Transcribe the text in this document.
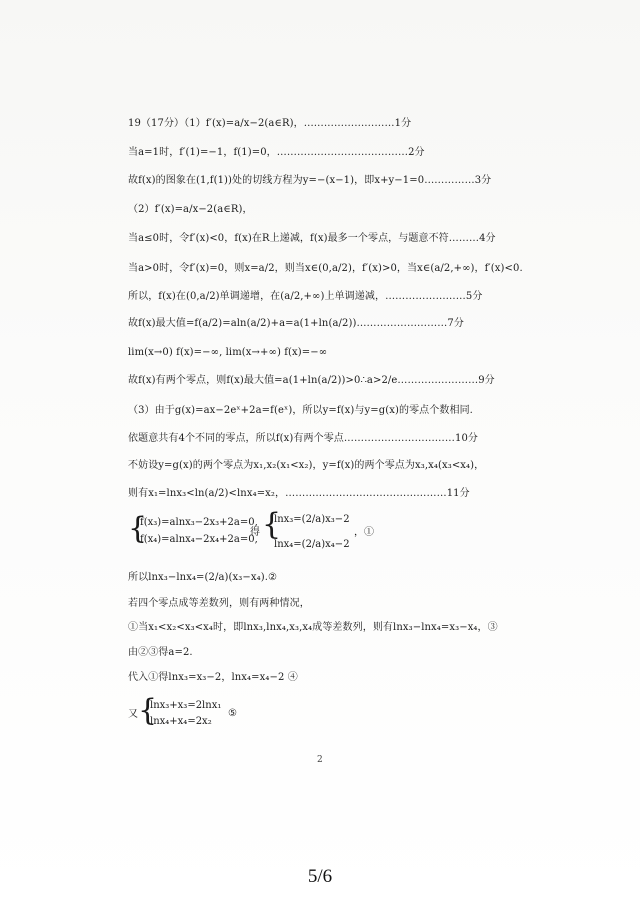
19（17分）（1）f′(x)=a/x−2(a∈R)，………………………1分
当a=1时，f′(1)=−1，f(1)=0，…………………………………2分
故f(x)的图象在(1,f(1))处的切线方程为y=−(x−1)，即x+y−1=0……………3分
（2）f′(x)=a/x−2(a∈R)，
当a≤0时，令f′(x)<0，f(x)在R上递减，f(x)最多一个零点，与题意不符………4分
当a>0时，令f′(x)=0，则x=a/2，则当x∈(0,a/2)，f′(x)>0，当x∈(a/2,+∞)，f′(x)<0.
所以，f(x)在(0,a/2)单调递增，在(a/2,+∞)上单调递减，……………………5分
故f(x)最大值=f(a/2)=aln(a/2)+a=a(1+ln(a/2))………………………7分
lim(x→0) f(x)=−∞, lim(x→+∞) f(x)=−∞
故f(x)有两个零点，则f(x)最大值=a(1+ln(a/2))>0∴a>2/e……………………9分
（3）由于g(x)=ax−2eˣ+2a=f(eˣ)，所以y=f(x)与y=g(x)的零点个数相同.
依题意共有4个不同的零点，所以f(x)有两个零点……………………………10分
不妨设y=g(x)的两个零点为x₁,x₂(x₁<x₂)，y=f(x)的两个零点为x₃,x₄(x₃<x₄)，
则有x₁=lnx₃<ln(a/2)<lnx₄=x₂，…………………………………………11分
{
f(x₃)=alnx₃−2x₃+2a=0,
f(x₄)=alnx₄−2x₄+2a=0,
得 {
lnx₃=(2/a)x₃−2
lnx₄=(2/a)x₄−2
，①
所以lnx₃−lnx₄=(2/a)(x₃−x₄).②
若四个零点成等差数列，则有两种情况，
①当x₁<x₂<x₃<x₄时，即lnx₃,lnx₄,x₃,x₄成等差数列，则有lnx₃−lnx₄=x₃−x₄，③
由②③得a=2.
代入①得lnx₃=x₃−2，lnx₄=x₄−2 ④
又 {
lnx₃+x₃=2lnx₁
lnx₄+x₄=2x₂
⑤
2
5/6
